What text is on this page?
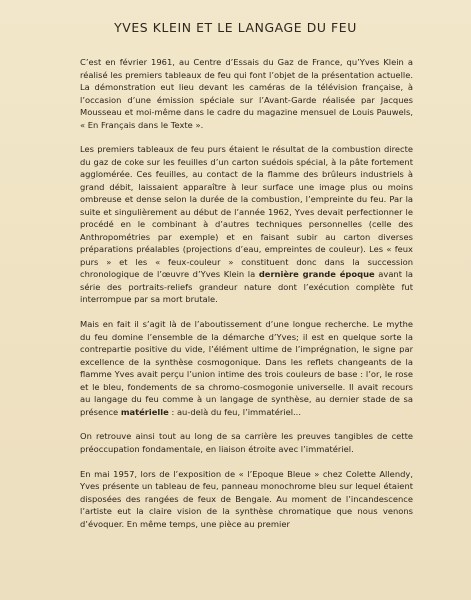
YVES KLEIN ET LE LANGAGE DU FEU

C’est en février 1961, au Centre d’Essais du Gaz de France, qu’Yves Klein a réalisé les premiers tableaux de feu qui font l’objet de la présentation actuelle. La démonstration eut lieu devant les caméras de la télévision française, à l’occasion d’une émission spéciale sur l’Avant-Garde réalisée par Jacques Mousseau et moi-même dans le cadre du magazine mensuel de Louis Pauwels, « En Français dans le Texte ».

Les premiers tableaux de feu purs étaient le résultat de la combustion directe du gaz de coke sur les feuilles d’un carton suédois spécial, à la pâte fortement agglomérée. Ces feuilles, au contact de la flamme des brûleurs industriels à grand débit, laissaient apparaître à leur surface une image plus ou moins ombreuse et dense selon la durée de la combustion, l’empreinte du feu. Par la suite et singulièrement au début de l’année 1962, Yves devait perfectionner le procédé en le combinant à d’autres techniques personnelles (celle des Anthropométries par exemple) et en faisant subir au carton diverses préparations préalables (projections d’eau, empreintes de couleur). Les « feux purs » et les « feux-couleur » constituent donc dans la succession chronologique de l’œuvre d’Yves Klein la dernière grande époque avant la série des portraits-reliefs grandeur nature dont l’exécution complète fut interrompue par sa mort brutale.

Mais en fait il s’agit là de l’aboutissement d’une longue recherche. Le mythe du feu domine l’ensemble de la démarche d’Yves; il est en quelque sorte la contrepartie positive du vide, l’élément ultime de l’imprégnation, le signe par excellence de la synthèse cosmogonique. Dans les reflets changeants de la flamme Yves avait perçu l’union intime des trois couleurs de base : l’or, le rose et le bleu, fondements de sa chromo-cosmogonie universelle. Il avait recours au langage du feu comme à un langage de synthèse, au dernier stade de sa présence matérielle : au-delà du feu, l’immatériel...

On retrouve ainsi tout au long de sa carrière les preuves tangibles de cette préoccupation fondamentale, en liaison étroite avec l’immatériel.

En mai 1957, lors de l’exposition de « l’Epoque Bleue » chez Colette Allendy, Yves présente un tableau de feu, panneau monochrome bleu sur lequel étaient disposées des rangées de feux de Bengale. Au moment de l’incandescence l’artiste eut la claire vision de la synthèse chromatique que nous venons d’évoquer. En même temps, une pièce au premier
